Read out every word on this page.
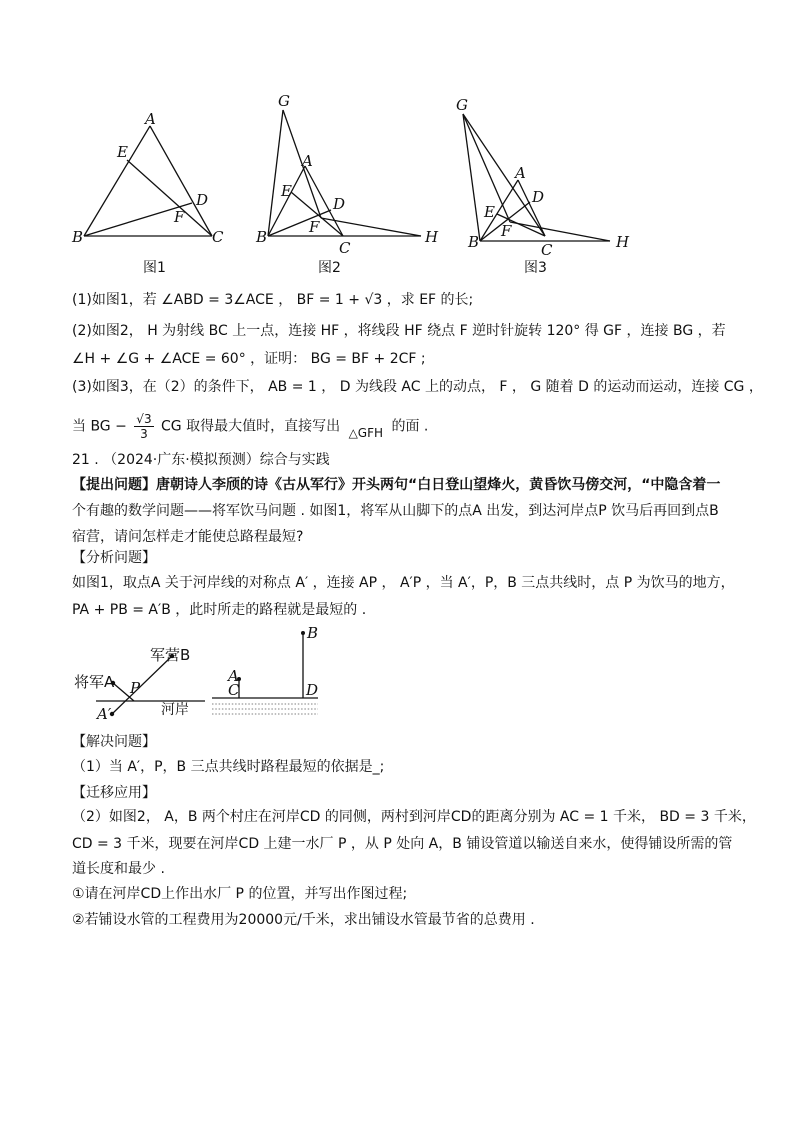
A
E
D
F
B	C
图1
G
A
E
D
F
B
C
H
图2
G
A
D
E
F
B	C	H
图3
(1)如图1，若 ∠ABD = 3∠ACE ， BF = 1 + √3 ，求 EF 的长;
(2)如图2， H 为射线 BC 上一点，连接 HF ，将线段 HF 绕点 F 逆时针旋转 120° 得 GF ，连接 BG ，若
∠H + ∠G + ∠ACE = 60° ，证明： BG = BF + 2CF ;
(3)如图3，在（2）的条件下， AB = 1 ， D 为线段 AC 上的动点， F ， G 随着 D 的运动而运动，连接 CG ，
当 BG − $\frac{√3}{3}$ CG 取得最大值时，直接写出 △GFH 的面 .
21 . （2024·广东·模拟预测）综合与实践
【提出问题】唐朝诗人李颀的诗《古从军行》开头两句“白日登山望烽火，黄昏饮马傍交河，“中隐含着一
个有趣的数学问题——将军饮马问题 . 如图1，将军从山脚下的点A 出发，到达河岸点P 饮马后再回到点B
宿营，请问怎样走才能使总路程最短?
【分析问题】
如图1，取点A 关于河岸线的对称点 A′ ，连接 AP ， A′P ，当 A′，P，B 三点共线时，点 P 为饮马的地方，
PA + PB = A′B ，此时所走的路程就是最短的 .
将军A
军营B
P
A′	河岸
A
B
C	D
【解决问题】
（1）当 A′，P，B 三点共线时路程最短的依据是_;
【迁移应用】
（2）如图2， A，B 两个村庄在河岸CD 的同侧，两村到河岸CD的距离分别为 AC = 1 千米， BD = 3 千米，
CD = 3 千米，现要在河岸CD 上建一水厂 P ，从 P 处向 A，B 铺设管道以输送自来水，使得铺设所需的管
道长度和最少 .
①请在河岸CD上作出水厂 P 的位置，并写出作图过程;
②若铺设水管的工程费用为20000元/千米，求出铺设水管最节省的总费用 .
